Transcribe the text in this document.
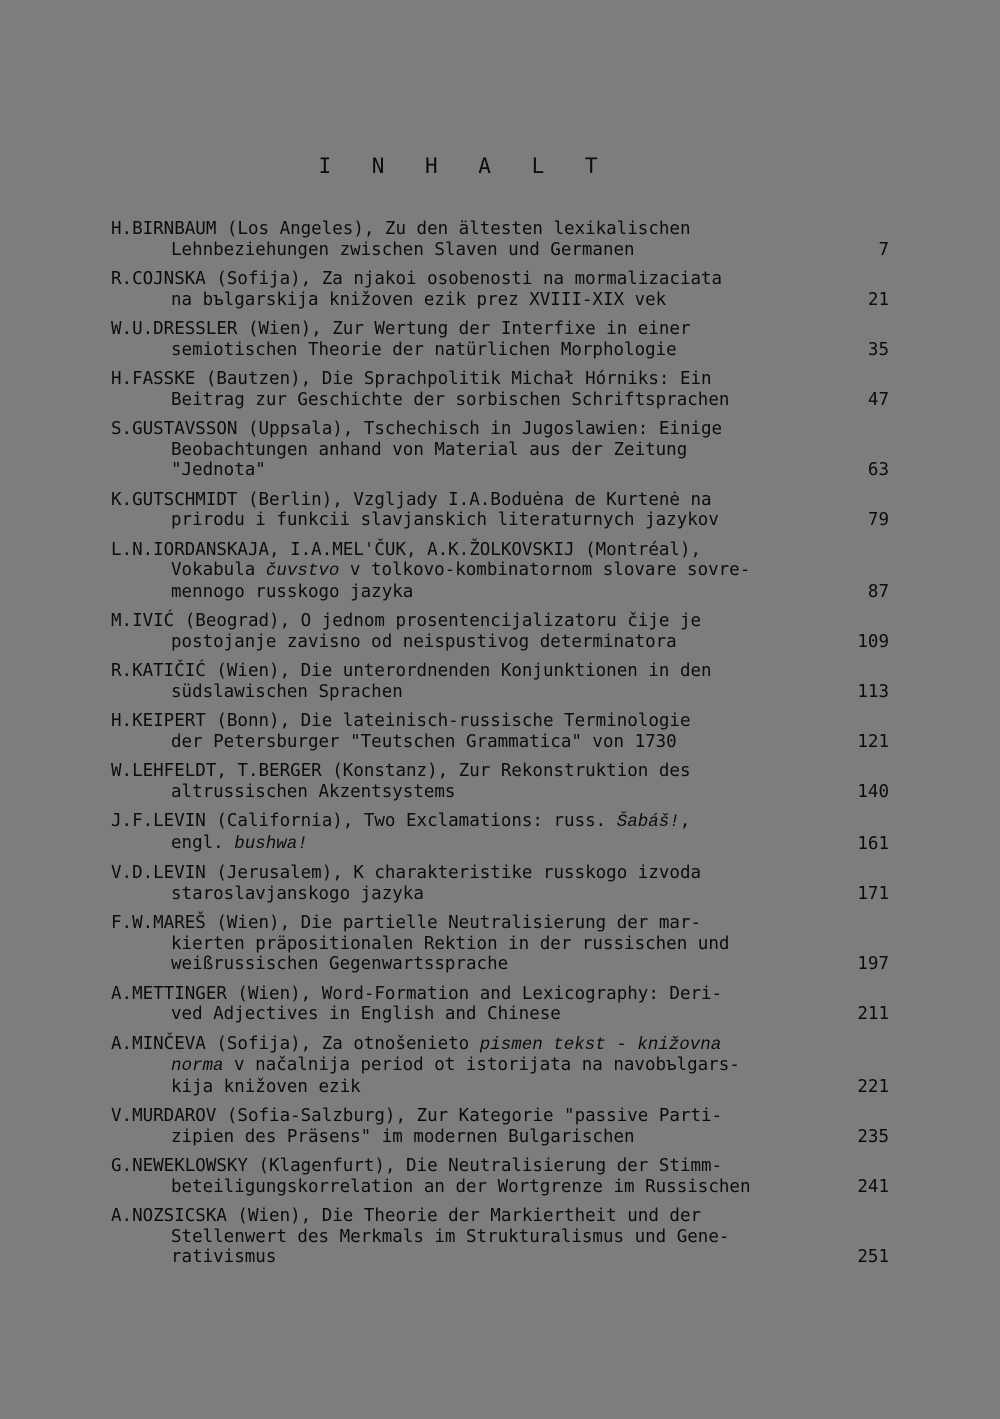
I N H A L T
H.BIRNBAUM (Los Angeles), Zu den ältesten lexikalischen
Lehnbeziehungen zwischen Slaven und Germanen	7
R.COJNSKA (Sofija), Za njakoi osobenosti na mormalizaciata
na bъlgarskija knižoven ezik prez XVIII-XIX vek	21
W.U.DRESSLER (Wien), Zur Wertung der Interfixe in einer
semiotischen Theorie der natürlichen Morphologie	35
H.FASSKE (Bautzen), Die Sprachpolitik Michał Hórniks: Ein
Beitrag zur Geschichte der sorbischen Schriftsprachen	47
S.GUSTAVSSON (Uppsala), Tschechisch in Jugoslawien: Einige
Beobachtungen anhand von Material aus der Zeitung
"Jednota"	63
K.GUTSCHMIDT (Berlin), Vzgljady I.A.Boduėna de Kurtenė na
prirodu i funkcii slavjanskich literaturnych jazykov	79
L.N.IORDANSKAJA, I.A.MEL'ČUK, A.K.ŽOLKOVSKIJ (Montréal),
Vokabula čuvstvo v tolkovo-kombinatornom slovare sovre-
mennogo russkogo jazyka	87
M.IVIĆ (Beograd), O jednom prosentencijalizatoru čije je
postojanje zavisno od neispustivog determinatora	109
R.KATIČIĆ (Wien), Die unterordnenden Konjunktionen in den
südslawischen Sprachen	113
H.KEIPERT (Bonn), Die lateinisch-russische Terminologie
der Petersburger "Teutschen Grammatica" von 1730	121
W.LEHFELDT, T.BERGER (Konstanz), Zur Rekonstruktion des
altrussischen Akzentsystems	140
J.F.LEVIN (California), Two Exclamations: russ. Šabáš!,
engl. bushwa!	161
V.D.LEVIN (Jerusalem), K charakteristike russkogo izvoda
staroslavjanskogo jazyka	171
F.W.MAREŠ (Wien), Die partielle Neutralisierung der mar-
kierten präpositionalen Rektion in der russischen und
weißrussischen Gegenwartssprache	197
A.METTINGER (Wien), Word-Formation and Lexicography: Deri-
ved Adjectives in English and Chinese	211
A.MINČEVA (Sofija), Za otnošenieto pismen tekst - knižovna
norma v načalnija period ot istorijata na navobъlgars-
kija knižoven ezik	221
V.MURDAROV (Sofia-Salzburg), Zur Kategorie "passive Parti-
zipien des Präsens" im modernen Bulgarischen	235
G.NEWEKLOWSKY (Klagenfurt), Die Neutralisierung der Stimm-
beteiligungskorrelation an der Wortgrenze im Russischen	241
A.NOZSICSKA (Wien), Die Theorie der Markiertheit und der
Stellenwert des Merkmals im Strukturalismus und Gene-
rativismus	251
